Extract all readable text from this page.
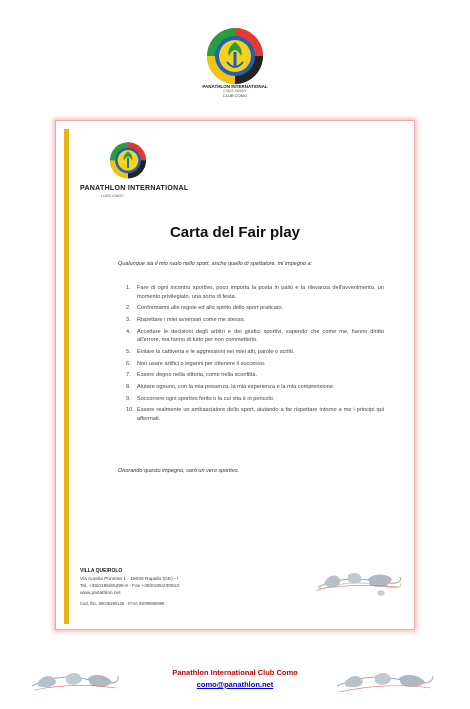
PANATHLON INTERNATIONAL
LUDIS IUNGIT
CLUB COMO
PANATHLON INTERNATIONAL
LUDIS IUNGIT
Carta del Fair play
Qualunque sia il mio ruolo nello sport, anche quello di spettatore, mi impegno a:
1. Fare di ogni incontro sportivo, poco importa la posta in palio e la rilevanza dell'avvenimento, un momento privilegiato, una sorta di festa.
2. Conformarmi alle regole ed allo spirito dello sport praticato.
3. Rispettare i miei avversari come me stesso.
4. Accettare le decisioni degli arbitri e dei giudici sportivi, sapendo che come me, hanno diritto all'errore, ma fanno di tutto per non commetterlo.
5. Evitare la cattiveria e le aggressioni nei miei atti, parole o scritti.
6. Non usare artifici o inganni per ottenere il successo.
7. Essere degno nella vittoria, come nella sconfitta.
8. Aiutare ognuno, con la mia presenza, la mia esperienza e la mia comprensione.
9. Soccorrere ogni sportivo ferito o la cui vita è in pericolo.
10. Essere realmente un ambasciatore dello sport, aiutando a far rispettare intorno a me i principi qui affermati.
Onorando questo impegno, sarò un vero sportivo.
VILLA QUEIROLO
Via Aurelia Ponente 1 - 16035 Rapallo (GE) - I
Tel. +39/0185/65295-6 - Fax +39/0185/230513
www.panathlon.net
Cod. fisc. 80045290105 - P.IVA 02009860996
Panathlon International Club Como
como@panathlon.net
